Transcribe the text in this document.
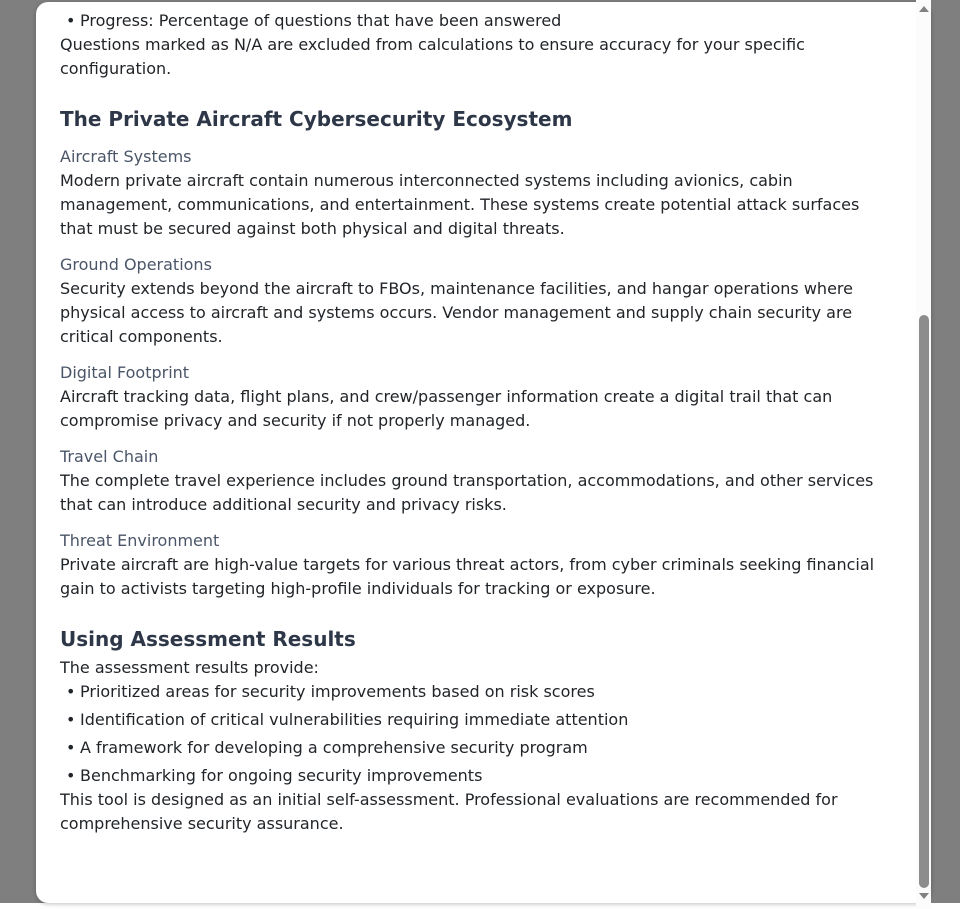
• Progress: Percentage of questions that have been answered

Questions marked as N/A are excluded from calculations to ensure accuracy for your specific configuration.

The Private Aircraft Cybersecurity Ecosystem
Aircraft Systems

Modern private aircraft contain numerous interconnected systems including avionics, cabin management, communications, and entertainment. These systems create potential attack surfaces that must be secured against both physical and digital threats.

Ground Operations

Security extends beyond the aircraft to FBOs, maintenance facilities, and hangar operations where physical access to aircraft and systems occurs. Vendor management and supply chain security are critical components.

Digital Footprint

Aircraft tracking data, flight plans, and crew/passenger information create a digital trail that can compromise privacy and security if not properly managed.

Travel Chain

The complete travel experience includes ground transportation, accommodations, and other services that can introduce additional security and privacy risks.

Threat Environment

Private aircraft are high-value targets for various threat actors, from cyber criminals seeking financial gain to activists targeting high-profile individuals for tracking or exposure.

Using Assessment Results

The assessment results provide:

• Prioritized areas for security improvements based on risk scores
• Identification of critical vulnerabilities requiring immediate attention
• A framework for developing a comprehensive security program
• Benchmarking for ongoing security improvements

This tool is designed as an initial self-assessment. Professional evaluations are recommended for comprehensive security assurance.
